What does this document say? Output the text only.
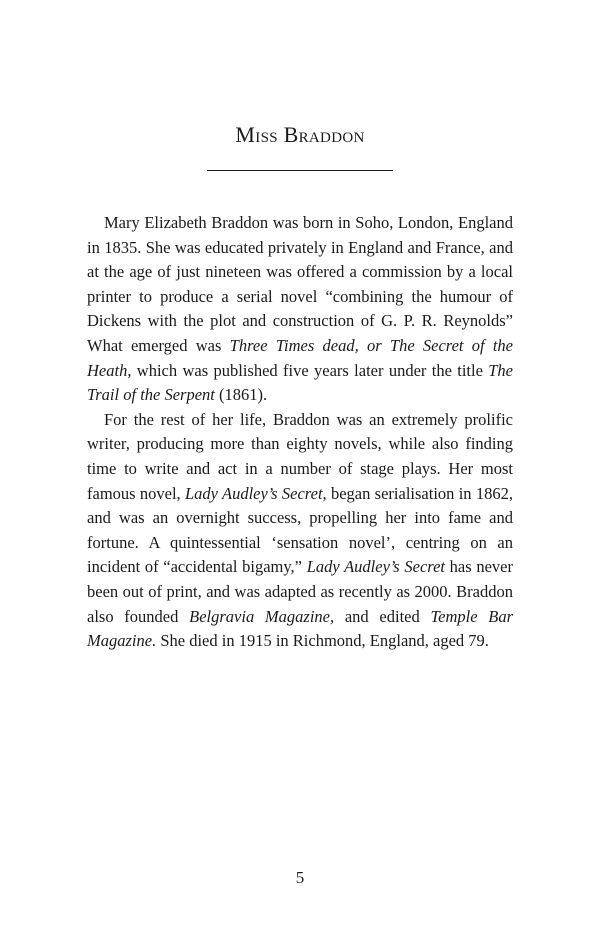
Miss Braddon

Mary Elizabeth Braddon was born in Soho, London, England in 1835. She was educated privately in England and France, and at the age of just nineteen was offered a commission by a local printer to produce a serial novel “combining the humour of Dickens with the plot and construction of G. P. R. Reynolds” What emerged was Three Times dead, or The Secret of the Heath, which was published five years later under the title The Trail of the Serpent (1861).

For the rest of her life, Braddon was an extremely prolific writer, producing more than eighty novels, while also finding time to write and act in a number of stage plays. Her most famous novel, Lady Audley’s Secret, began serialisation in 1862, and was an overnight success, propelling her into fame and fortune. A quintessential ‘sensation novel’, centring on an incident of “accidental bigamy,” Lady Audley’s Secret has never been out of print, and was adapted as recently as 2000. Braddon also founded Belgravia Magazine, and edited Temple Bar Magazine. She died in 1915 in Richmond, England, aged 79.

5
